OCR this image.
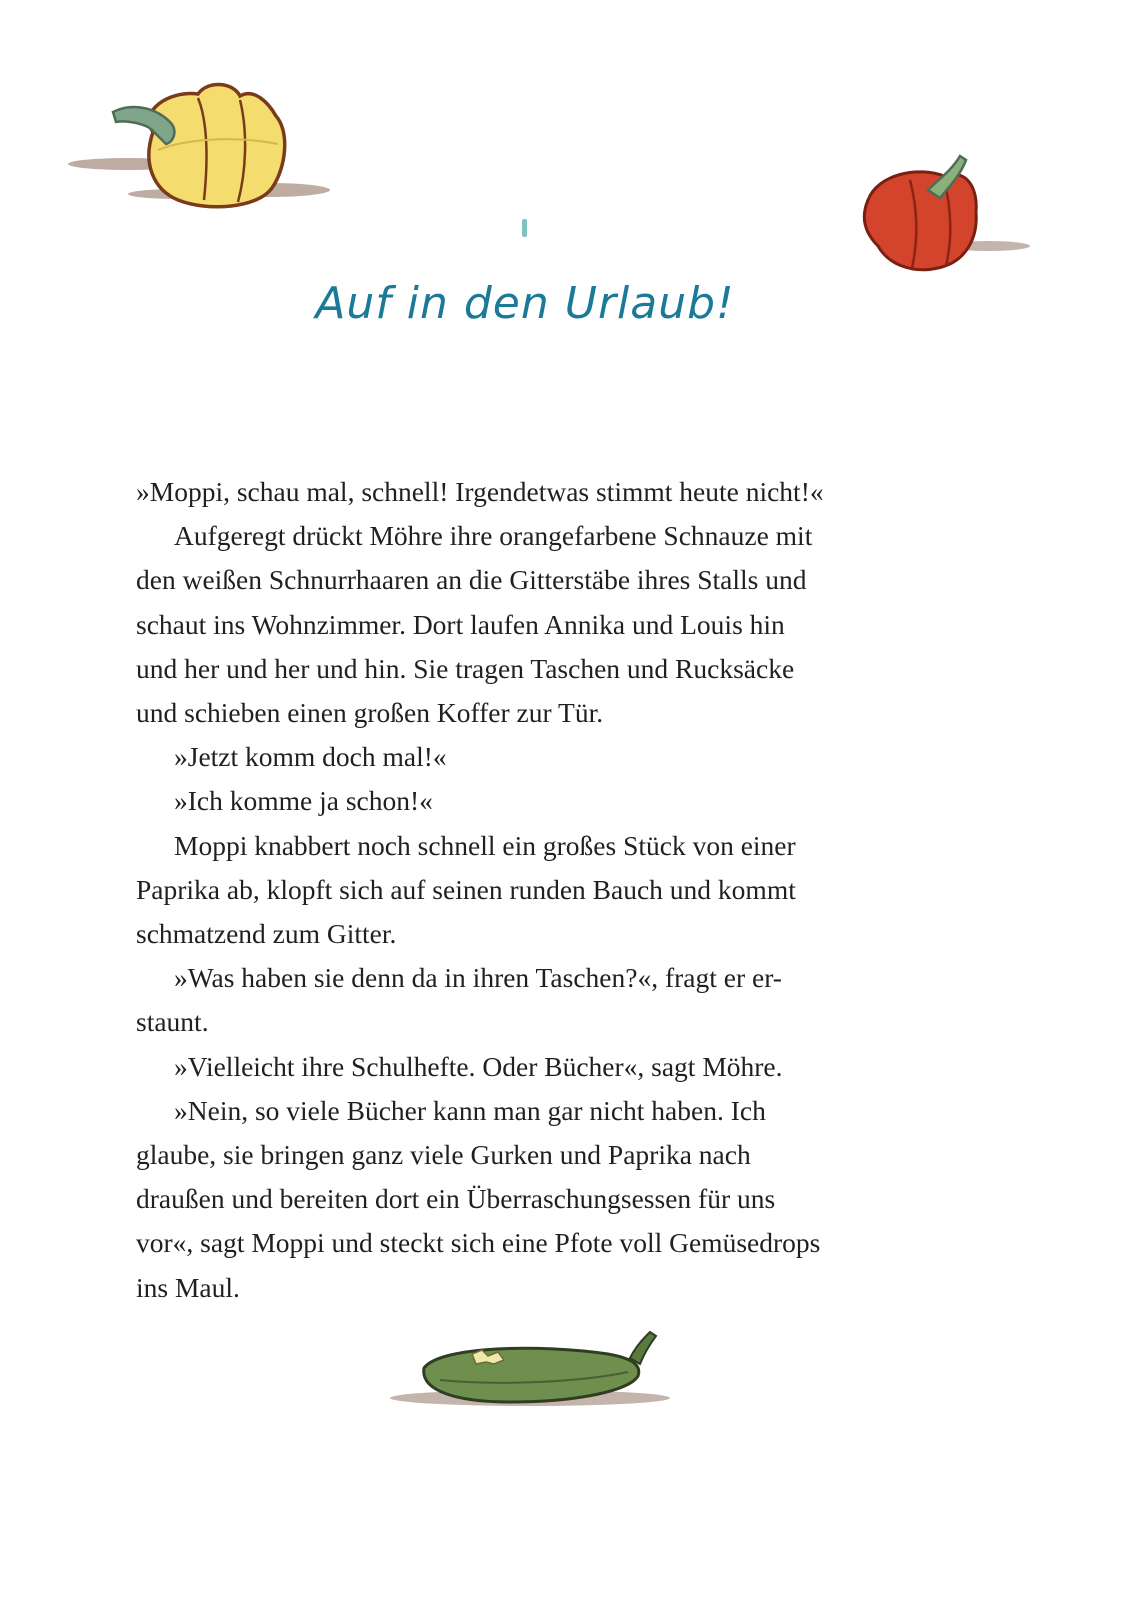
Auf in den Urlaub!
»Moppi, schau mal, schnell! Irgendetwas stimmt heute nicht!«
Aufgeregt drückt Möhre ihre orangefarbene Schnauze mit
den weißen Schnurrhaaren an die Gitterstäbe ihres Stalls und
schaut ins Wohnzimmer. Dort laufen Annika und Louis hin
und her und her und hin. Sie tragen Taschen und Rucksäcke
und schieben einen großen Koffer zur Tür.
»Jetzt komm doch mal!«
»Ich komme ja schon!«
Moppi knabbert noch schnell ein großes Stück von einer
Paprika ab, klopft sich auf seinen runden Bauch und kommt
schmatzend zum Gitter.
»Was haben sie denn da in ihren Taschen?«, fragt er er-
staunt.
»Vielleicht ihre Schulhefte. Oder Bücher«, sagt Möhre.
»Nein, so viele Bücher kann man gar nicht haben. Ich
glaube, sie bringen ganz viele Gurken und Paprika nach
draußen und bereiten dort ein Überraschungsessen für uns
vor«, sagt Moppi und steckt sich eine Pfote voll Gemüsedrops
ins Maul.
